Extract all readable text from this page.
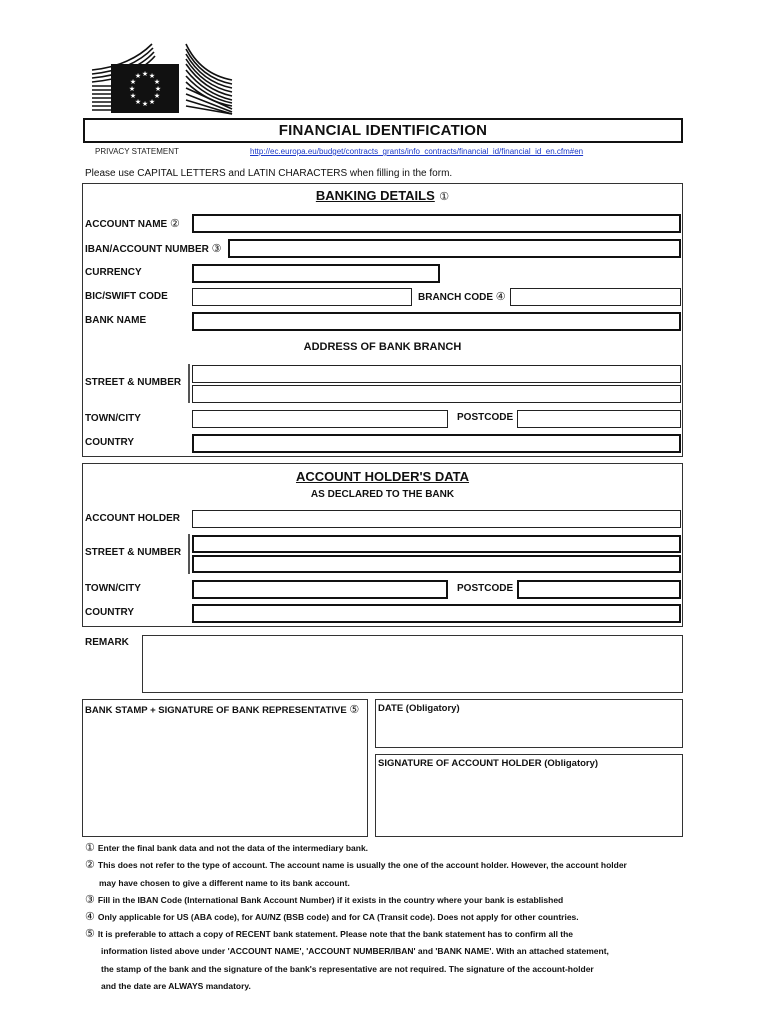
★ ★
★
★
★
★
★
★
★
★
★
★
FINANCIAL IDENTIFICATION
PRIVACY STATEMENT	http://ec.europa.eu/budget/contracts_grants/info_contracts/financial_id/financial_id_en.cfm#en
Please use CAPITAL LETTERS and LATIN CHARACTERS when filling in the form.
BANKING DETAILS ①
ACCOUNT NAME ②
IBAN/ACCOUNT NUMBER ③
CURRENCY
BIC/SWIFT CODE	BRANCH CODE ④
BANK NAME
ADDRESS OF BANK BRANCH
STREET & NUMBER
TOWN/CITY	POSTCODE
COUNTRY
ACCOUNT HOLDER'S DATA
AS DECLARED TO THE BANK
ACCOUNT HOLDER
STREET & NUMBER
TOWN/CITY	POSTCODE
COUNTRY
REMARK
BANK STAMP + SIGNATURE OF BANK REPRESENTATIVE ⑤ DATE (Obligatory)
SIGNATURE OF ACCOUNT HOLDER (Obligatory)
① Enter the final bank data and not the data of the intermediary bank.
② This does not refer to the type of account. The account name is usually the one of the account holder. However, the account holder
may have chosen to give a different name to its bank account.
③ Fill in the IBAN Code (International Bank Account Number) if it exists in the country where your bank is established
④ Only applicable for US (ABA code), for AU/NZ (BSB code) and for CA (Transit code). Does not apply for other countries.
⑤ It is preferable to attach a copy of RECENT bank statement. Please note that the bank statement has to confirm all the
information listed above under 'ACCOUNT NAME', 'ACCOUNT NUMBER/IBAN' and 'BANK NAME'. With an attached statement,
the stamp of the bank and the signature of the bank's representative are not required. The signature of the account-holder
and the date are ALWAYS mandatory.
